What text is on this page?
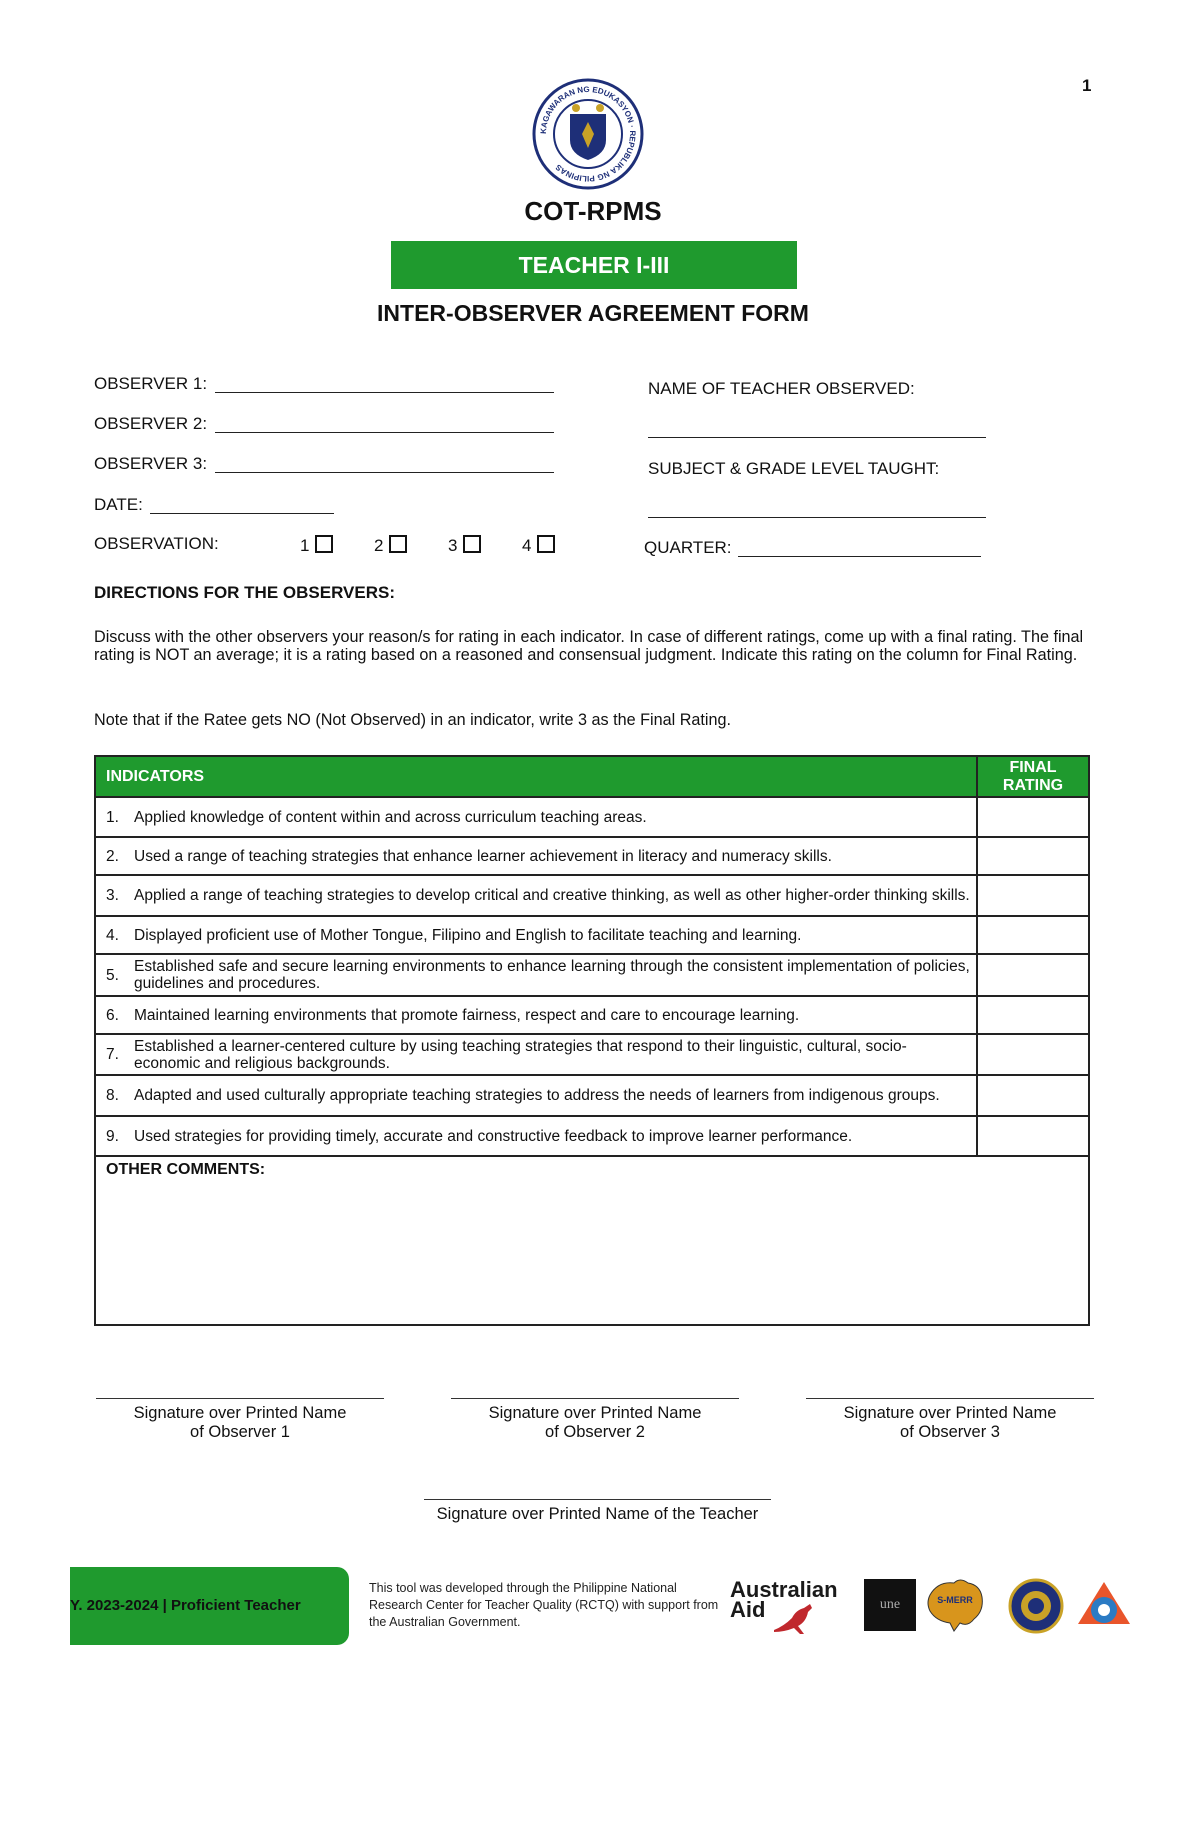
1
KAGAWARAN NG EDUKASYON · REPUBLIKA NG PILIPINAS
COT-RPMS
TEACHER I-III
INTER-OBSERVER AGREEMENT FORM
OBSERVER 1:
OBSERVER 2:
OBSERVER 3:
DATE:
OBSERVATION:	1	2	3	4
NAME OF TEACHER OBSERVED:
SUBJECT & GRADE LEVEL TAUGHT:
QUARTER:
DIRECTIONS FOR THE OBSERVERS:
Discuss with the other observers your reason/s for rating in each indicator. In case of different ratings, come up with a final rating. The final rating is NOT an average; it is a rating based on a reasoned and consensual judgment. Indicate this rating on the column for Final Rating.
Note that if the Ratee gets NO (Not Observed) in an indicator, write 3 as the Final Rating.
INDICATORS		FINAL RATING
1.	Applied knowledge of content within and across curriculum teaching areas.	
2.	Used a range of teaching strategies that enhance learner achievement in literacy and numeracy skills.	
3.	Applied a range of teaching strategies to develop critical and creative thinking, as well as other higher-order thinking skills.	
4.	Displayed proficient use of Mother Tongue, Filipino and English to facilitate teaching and learning.	
5.	Established safe and secure learning environments to enhance learning through the consistent implementation of policies, guidelines and procedures.	
6.	Maintained learning environments that promote fairness, respect and care to encourage learning.	
7.	Established a learner-centered culture by using teaching strategies that respond to their linguistic, cultural, socio-economic and religious backgrounds.	
8.	Adapted and used culturally appropriate teaching strategies to address the needs of learners from indigenous groups.	
9.	Used strategies for providing timely, accurate and constructive feedback to improve learner performance.	
OTHER COMMENTS:
Signature over Printed Name
of Observer 1
Signature over Printed Name
of Observer 2
Signature over Printed Name
of Observer 3
Signature over Printed Name of the Teacher
Y. 2023-2024 | Proficient Teacher
This tool was developed through the Philippine National Research Center for Teacher Quality (RCTQ) with support from the Australian Government.
Australian
Aid	une	S-MERR
